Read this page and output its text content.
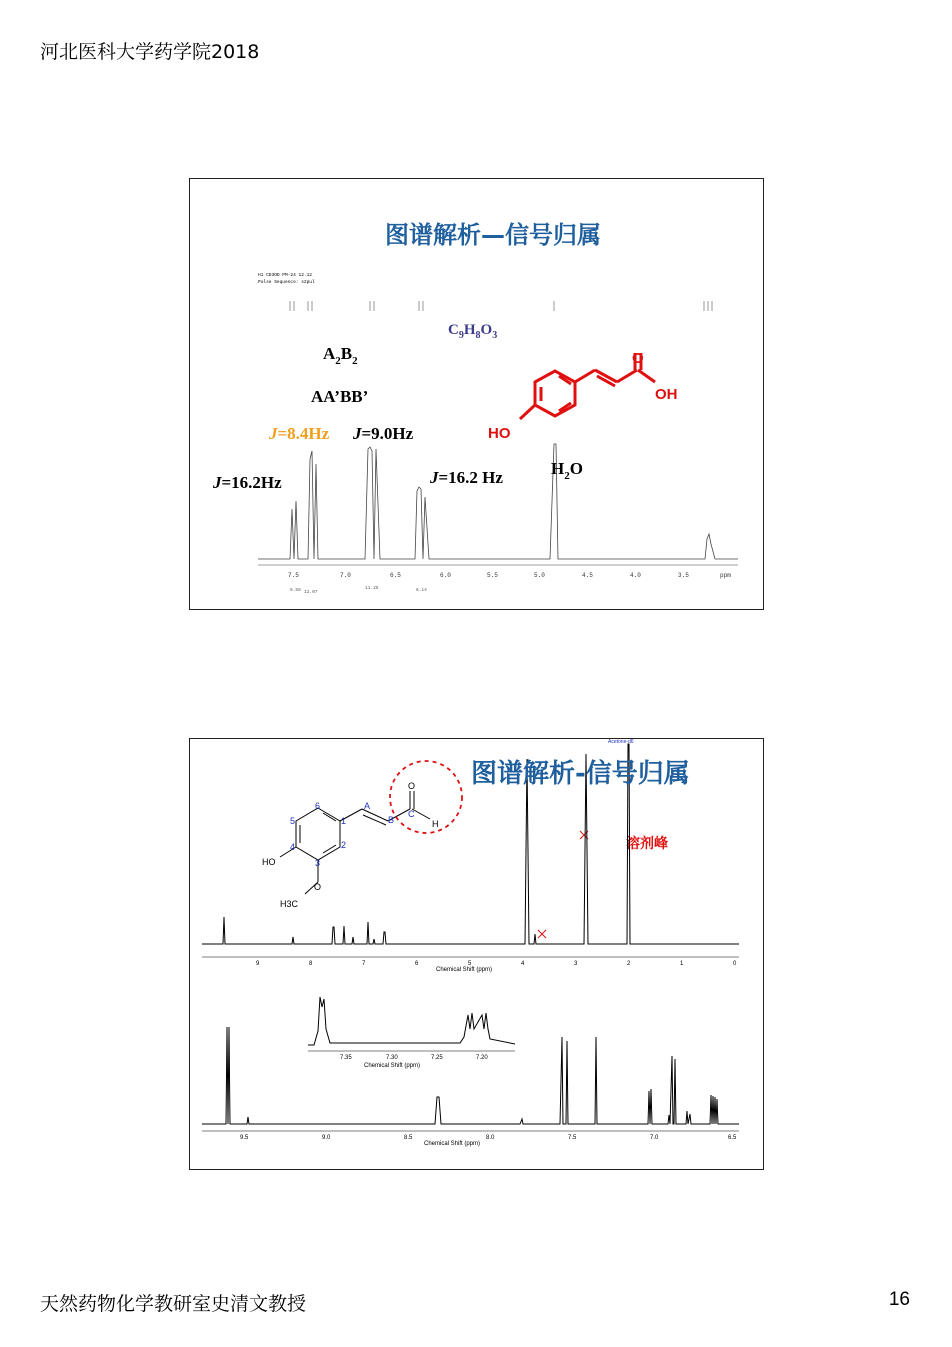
河北医科大学药学院2018
图谱解析—信号归属
H1 CD3OD PM-24 12.12
Pulse Sequence: s2pul
7.5	7.0	6.5	6.0	5.5	5.0	4.5	4.0	3.5	ppm
6.58 12.07
11.25	6.14
$C_9H_8O_3$
$A_2B_2$
AA’BB’
J=8.4Hz J=9.0Hz
J=16.2Hz	J=16.2 Hz	$H_2O$
O
OH
HO
Acetone-d6
6
5
4
3
2
1
A
B
C
O
H
HO
O
H3C
溶剂峰
9	8	7	6	5	4	3	2	1	0
Chemical Shift (ppm)
7.35	7.30	7.25	7.20
Chemical Shift (ppm)
9.5	9.0	8.5	8.0	7.5	7.0	6.5
Chemical Shift (ppm)
图谱解析-信号归属
天然药物化学教研室史清文教授	16
